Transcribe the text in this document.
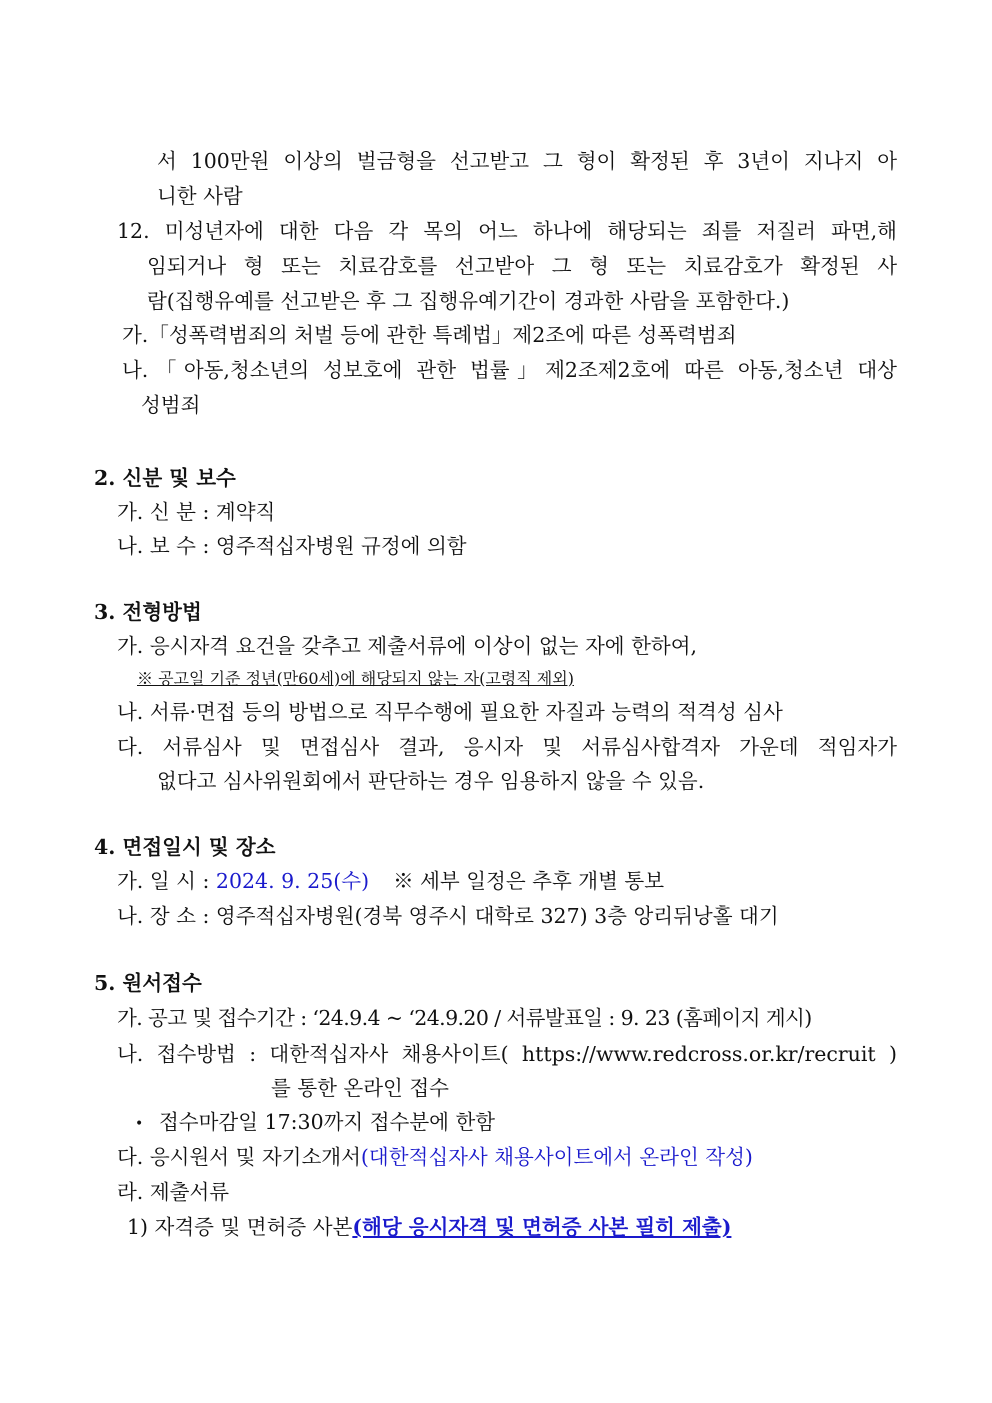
서 100만원 이상의 벌금형을 선고받고 그 형이 확정된 후 3년이 지나지 아
니한 사람
12. 미성년자에 대한 다음 각 목의 어느 하나에 해당되는 죄를 저질러 파면,해
임되거나 형 또는 치료감호를 선고받아 그 형 또는 치료감호가 확정된 사
람(집행유예를 선고받은 후 그 집행유예기간이 경과한 사람을 포함한다.)
가.「성폭력범죄의 처벌 등에 관한 특례법」제2조에 따른 성폭력범죄
나.「아동,청소년의 성보호에 관한 법률」제2조제2호에 따른 아동,청소년 대상
성범죄
2. 신분 및 보수
가. 신 분 : 계약직
나. 보 수 : 영주적십자병원 규정에 의함
3. 전형방법
가. 응시자격 요건을 갖추고 제출서류에 이상이 없는 자에 한하여,
※ 공고일 기준 정년(만60세)에 해당되지 않는 자(고령직 제외)
나. 서류·면접 등의 방법으로 직무수행에 필요한 자질과 능력의 적격성 심사
다. 서류심사 및 면접심사 결과, 응시자 및 서류심사합격자 가운데 적임자가
없다고 심사위원회에서 판단하는 경우 임용하지 않을 수 있음.
4. 면접일시 및 장소
가. 일 시 : 2024. 9. 25(수) ※ 세부 일정은 추후 개별 통보
나. 장 소 : 영주적십자병원(경북 영주시 대학로 327) 3층 앙리뒤낭홀 대기
5. 원서접수
가. 공고 및 접수기간 : ‘24.9.4 ~ ‘24.9.20 / 서류발표일 : 9. 23 (홈페이지 게시)
나. 접수방법 : 대한적십자사 채용사이트( https://www.redcross.or.kr/recruit )
를 통한 온라인 접수
• 접수마감일 17:30까지 접수분에 한함
다. 응시원서 및 자기소개서(대한적십자사 채용사이트에서 온라인 작성)
라. 제출서류
1) 자격증 및 면허증 사본(해당 응시자격 및 면허증 사본 필히 제출)
